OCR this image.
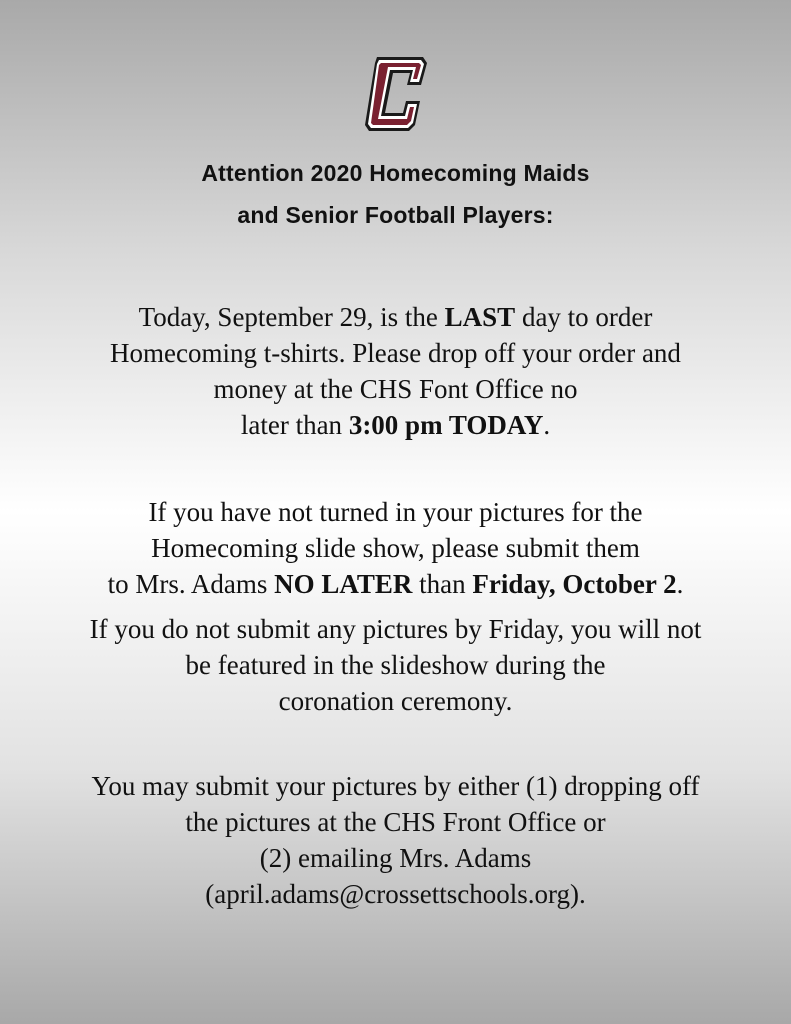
Attention 2020 Homecoming Maids
and Senior Football Players:
Today, September 29, is the LAST day to order
Homecoming t-shirts. Please drop off your order and
money at the CHS Font Office no
later than 3:00 pm TODAY.
If you have not turned in your pictures for the
Homecoming slide show, please submit them
to Mrs. Adams NO LATER than Friday, October 2.
If you do not submit any pictures by Friday, you will not
be featured in the slideshow during the
coronation ceremony.
You may submit your pictures by either (1) dropping off
the pictures at the CHS Front Office or
(2) emailing Mrs. Adams
(april.adams@crossettschools.org).
